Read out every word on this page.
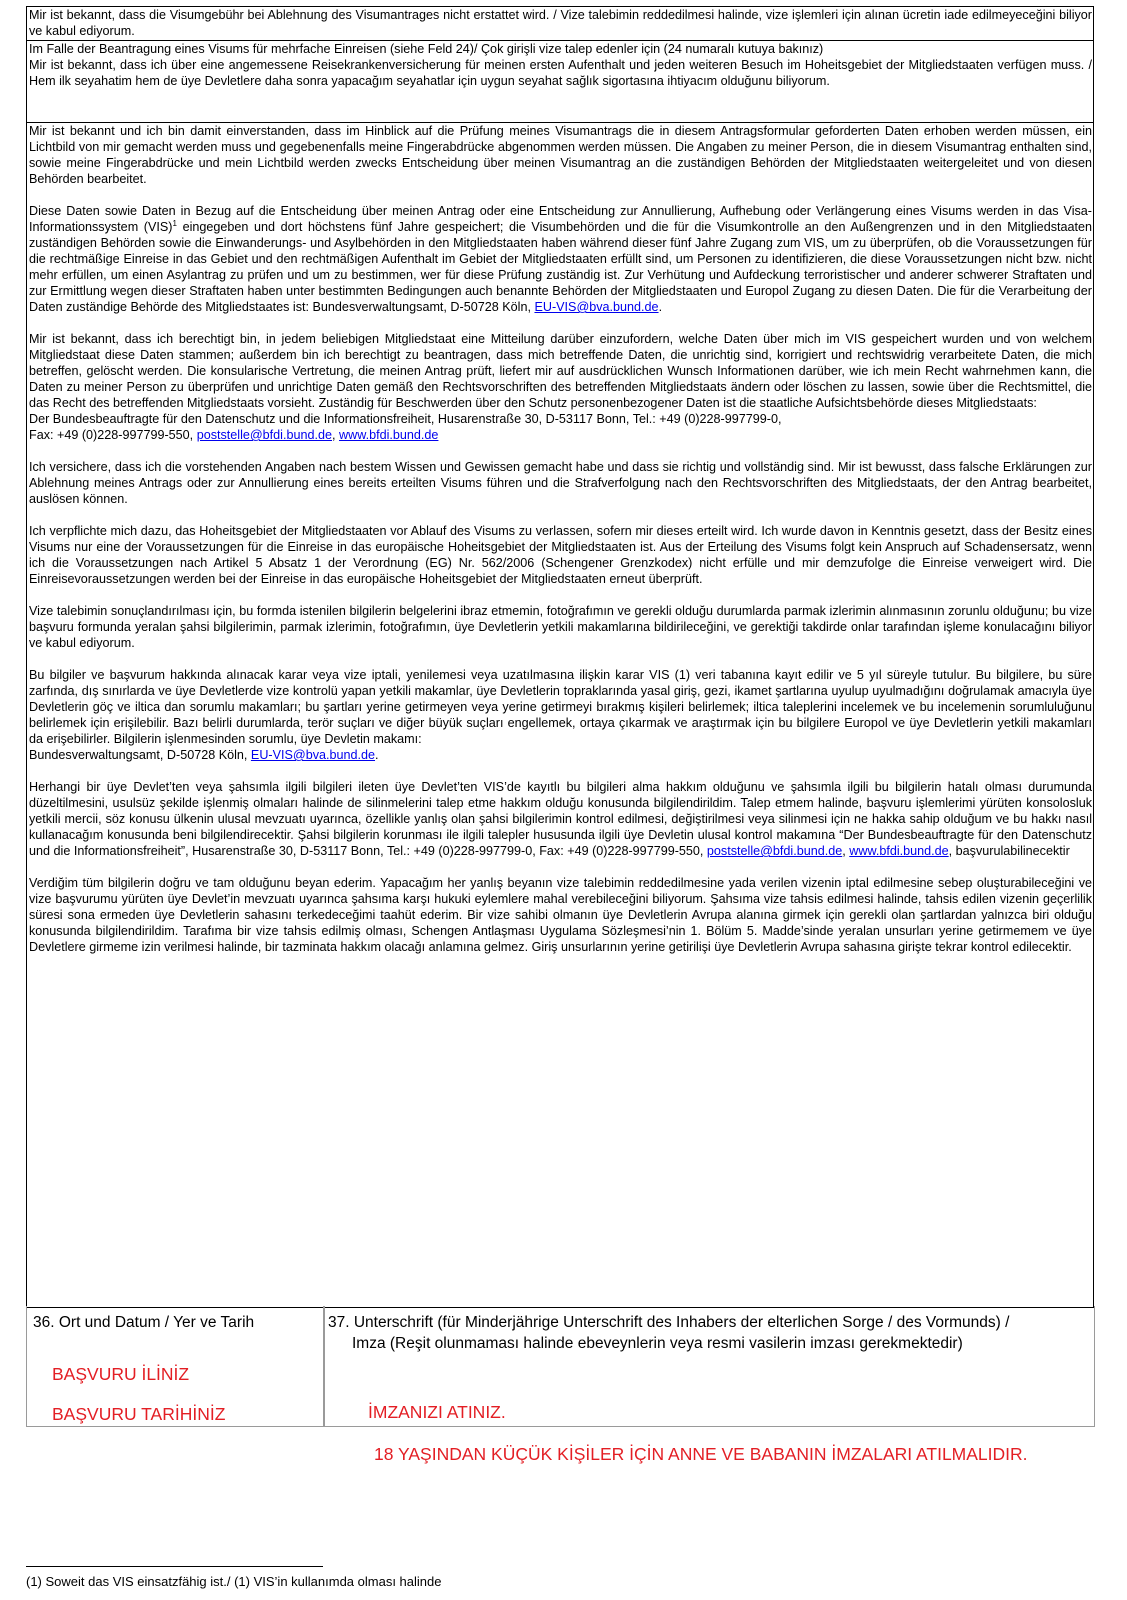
Mir ist bekannt, dass die Visumgebühr bei Ablehnung des Visumantrages nicht erstattet wird. / Vize talebimin reddedilmesi halinde, vize işlemleri için alınan ücretin iade edilmeyeceğini biliyor ve kabul ediyorum.

Im Falle der Beantragung eines Visums für mehrfache Einreisen (siehe Feld 24)/ Çok girişli vize talep edenler için (24 numaralı kutuya bakınız)

Mir ist bekannt, dass ich über eine angemessene Reisekrankenversicherung für meinen ersten Aufenthalt und jeden weiteren Besuch im Hoheitsgebiet der Mitgliedstaaten verfügen muss. / Hem ilk seyahatim hem de üye Devletlere daha sonra yapacağım seyahatlar için uygun seyahat sağlık sigortasına ihtiyacım olduğunu biliyorum.

Mir ist bekannt und ich bin damit einverstanden, dass im Hinblick auf die Prüfung meines Visumantrags die in diesem Antragsformular geforderten Daten erhoben werden müssen, ein Lichtbild von mir gemacht werden muss und gegebenenfalls meine Fingerabdrücke abgenommen werden müssen. Die Angaben zu meiner Person, die in diesem Visumantrag enthalten sind, sowie meine Fingerabdrücke und mein Lichtbild werden zwecks Entscheidung über meinen Visumantrag an die zuständigen Behörden der Mitgliedstaaten weitergeleitet und von diesen Behörden bearbeitet.

Diese Daten sowie Daten in Bezug auf die Entscheidung über meinen Antrag oder eine Entscheidung zur Annullierung, Aufhebung oder Verlängerung eines Visums werden in das Visa-Informationssystem (VIS)$^1$ eingegeben und dort höchstens fünf Jahre gespeichert; die Visumbehörden und die für die Visumkontrolle an den Außengrenzen und in den Mitgliedstaaten zuständigen Behörden sowie die Einwanderungs- und Asylbehörden in den Mitgliedstaaten haben während dieser fünf Jahre Zugang zum VIS, um zu überprüfen, ob die Voraussetzungen für die rechtmäßige Einreise in das Gebiet und den rechtmäßigen Aufenthalt im Gebiet der Mitgliedstaaten erfüllt sind, um Personen zu identifizieren, die diese Voraussetzungen nicht bzw. nicht mehr erfüllen, um einen Asylantrag zu prüfen und um zu bestimmen, wer für diese Prüfung zuständig ist. Zur Verhütung und Aufdeckung terroristischer und anderer schwerer Straftaten und zur Ermittlung wegen dieser Straftaten haben unter bestimmten Bedingungen auch benannte Behörden der Mitgliedstaaten und Europol Zugang zu diesen Daten. Die für die Verarbeitung der Daten zuständige Behörde des Mitgliedstaates ist: Bundesverwaltungsamt, D-50728 Köln, EU-VIS@bva.bund.de.

Mir ist bekannt, dass ich berechtigt bin, in jedem beliebigen Mitgliedstaat eine Mitteilung darüber einzufordern, welche Daten über mich im VIS gespeichert wurden und von welchem Mitgliedstaat diese Daten stammen; außerdem bin ich berechtigt zu beantragen, dass mich betreffende Daten, die unrichtig sind, korrigiert und rechtswidrig verarbeitete Daten, die mich betreffen, gelöscht werden. Die konsularische Vertretung, die meinen Antrag prüft, liefert mir auf ausdrücklichen Wunsch Informationen darüber, wie ich mein Recht wahrnehmen kann, die Daten zu meiner Person zu überprüfen und unrichtige Daten gemäß den Rechtsvorschriften des betreffenden Mitgliedstaats ändern oder löschen zu lassen, sowie über die Rechtsmittel, die das Recht des betreffenden Mitgliedstaats vorsieht. Zuständig für Beschwerden über den Schutz personenbezogener Daten ist die staatliche Aufsichtsbehörde dieses Mitgliedstaats:

Der Bundesbeauftragte für den Datenschutz und die Informationsfreiheit, Husarenstraße 30, D-53117 Bonn, Tel.: +49 (0)228-997799-0,

Fax: +49 (0)228-997799-550, poststelle@bfdi.bund.de, www.bfdi.bund.de

Ich versichere, dass ich die vorstehenden Angaben nach bestem Wissen und Gewissen gemacht habe und dass sie richtig und vollständig sind. Mir ist bewusst, dass falsche Erklärungen zur Ablehnung meines Antrags oder zur Annullierung eines bereits erteilten Visums führen und die Strafverfolgung nach den Rechtsvorschriften des Mitgliedstaats, der den Antrag bearbeitet, auslösen können.

Ich verpflichte mich dazu, das Hoheitsgebiet der Mitgliedstaaten vor Ablauf des Visums zu verlassen, sofern mir dieses erteilt wird. Ich wurde davon in Kenntnis gesetzt, dass der Besitz eines Visums nur eine der Voraussetzungen für die Einreise in das europäische Hoheitsgebiet der Mitgliedstaaten ist. Aus der Erteilung des Visums folgt kein Anspruch auf Schadensersatz, wenn ich die Voraussetzungen nach Artikel 5 Absatz 1 der Verordnung (EG) Nr. 562/2006 (Schengener Grenzkodex) nicht erfülle und mir demzufolge die Einreise verweigert wird. Die Einreisevoraussetzungen werden bei der Einreise in das europäische Hoheitsgebiet der Mitgliedstaaten erneut überprüft.

Vize talebimin sonuçlandırılması için, bu formda istenilen bilgilerin belgelerini ibraz etmemin, fotoğrafımın ve gerekli olduğu durumlarda parmak izlerimin alınmasının zorunlu olduğunu; bu vize başvuru formunda yeralan şahsi bilgilerimin, parmak izlerimin, fotoğrafımın, üye Devletlerin yetkili makamlarına bildirileceğini, ve gerektiği takdirde onlar tarafından işleme konulacağını biliyor ve kabul ediyorum.

Bu bilgiler ve başvurum hakkında alınacak karar veya vize iptali, yenilemesi veya uzatılmasına ilişkin karar VIS (1) veri tabanına kayıt edilir ve 5 yıl süreyle tutulur. Bu bilgilere, bu süre zarfında, dış sınırlarda ve üye Devletlerde vize kontrolü yapan yetkili makamlar, üye Devletlerin topraklarında yasal giriş, gezi, ikamet şartlarına uyulup uyulmadığını doğrulamak amacıyla üye Devletlerin göç ve iltica dan sorumlu makamları; bu şartları yerine getirmeyen veya yerine getirmeyi bırakmış kişileri belirlemek; iltica taleplerini incelemek ve bu incelemenin sorumluluğunu belirlemek için erişilebilir. Bazı belirli durumlarda, terör suçları ve diğer büyük suçları engellemek, ortaya çıkarmak ve araştırmak için bu bilgilere Europol ve üye Devletlerin yetkili makamları da erişebilirler. Bilgilerin işlenmesinden sorumlu, üye Devletin makamı:

Bundesverwaltungsamt, D-50728 Köln, EU-VIS@bva.bund.de.

Herhangi bir üye Devlet’ten veya şahsımla ilgili bilgileri ileten üye Devlet’ten VIS’de kayıtlı bu bilgileri alma hakkım olduğunu ve şahsımla ilgili bu bilgilerin hatalı olması durumunda düzeltilmesini, usulsüz şekilde işlenmiş olmaları halinde de silinmelerini talep etme hakkım olduğu konusunda bilgilendirildim. Talep etmem halinde, başvuru işlemlerimi yürüten konsolosluk yetkili mercii, söz konusu ülkenin ulusal mevzuatı uyarınca, özellikle yanlış olan şahsi bilgilerimin kontrol edilmesi, değiştirilmesi veya silinmesi için ne hakka sahip olduğum ve bu hakkı nasıl kullanacağım konusunda beni bilgilendirecektir. Şahsi bilgilerin korunması ile ilgili talepler hususunda ilgili üye Devletin ulusal kontrol makamına “Der Bundesbeauftragte für den Datenschutz und die Informationsfreiheit”, Husarenstraße 30, D-53117 Bonn, Tel.: +49 (0)228-997799-0, Fax: +49 (0)228-997799-550, poststelle@bfdi.bund.de, www.bfdi.bund.de, başvurulabilinecektir

Verdiğim tüm bilgilerin doğru ve tam olduğunu beyan ederim. Yapacağım her yanlış beyanın vize talebimin reddedilmesine yada verilen vizenin iptal edilmesine sebep oluşturabileceğini ve vize başvurumu yürüten üye Devlet’in mevzuatı uyarınca şahsıma karşı hukuki eylemlere mahal verebileceğini biliyorum. Şahsıma vize tahsis edilmesi halinde, tahsis edilen vizenin geçerlilik süresi sona ermeden üye Devletlerin sahasını terkedeceğimi taahüt ederim. Bir vize sahibi olmanın üye Devletlerin Avrupa alanına girmek için gerekli olan şartlardan yalnızca biri olduğu konusunda bilgilendirildim. Tarafıma bir vize tahsis edilmiş olması, Schengen Antlaşması Uygulama Sözleşmesi’nin 1. Bölüm 5. Madde’sinde yeralan unsurları yerine getirmemem ve üye Devletlere girmeme izin verilmesi halinde, bir tazminata hakkım olacağı anlamına gelmez. Giriş unsurlarının yerine getirilişi üye Devletlerin Avrupa sahasına girişte tekrar kontrol edilecektir.

36. Ort und Datum / Yer ve Tarih	37. Unterschrift (für Minderjährige Unterschrift des Inhabers der elterlichen Sorge / des Vormunds) /

Imza (Reşit olunmaması halinde ebeveynlerin veya resmi vasilerin imzası gerekmektedir)

BAŞVURU İLİNİZ
BAŞVURU TARİHİNİZ	İMZANIZI ATINIZ.
18 YAŞINDAN KÜÇÜK KİŞİLER İÇİN ANNE VE BABANIN İMZALARI ATILMALIDIR.
(1) Soweit das VIS einsatzfähig ist./ (1) VIS’in kullanımda olması halinde
